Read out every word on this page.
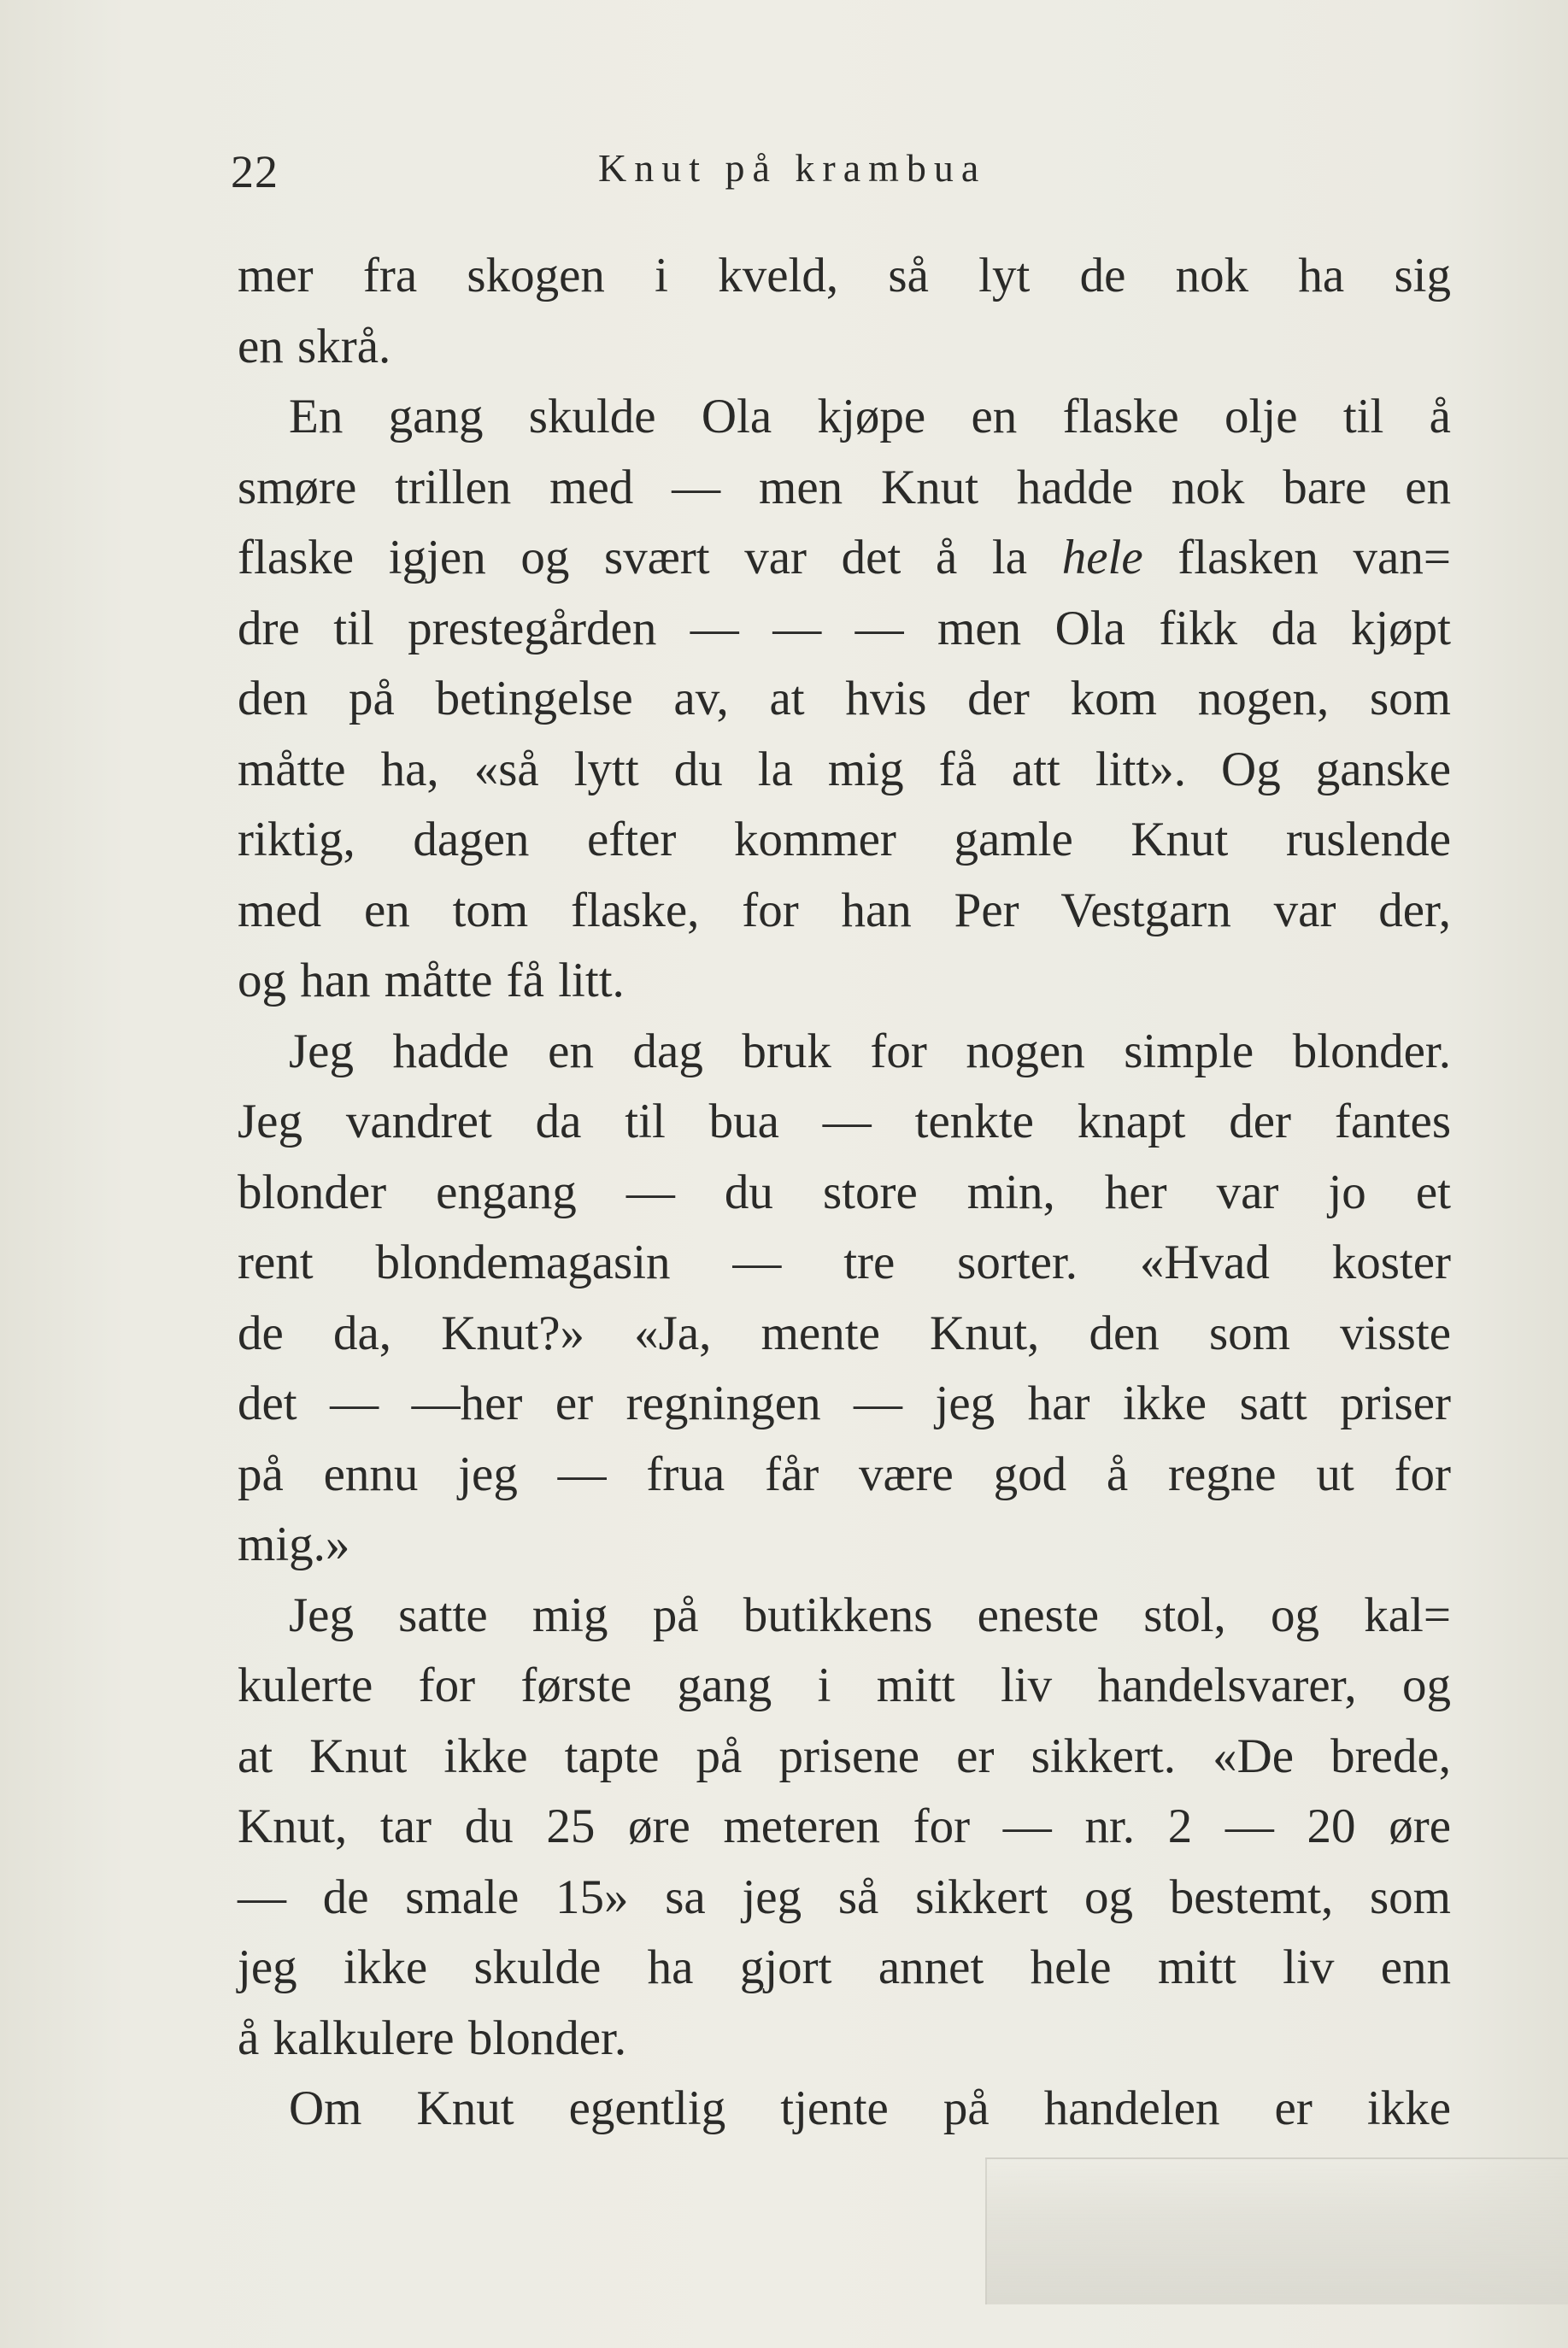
22	Knut på krambua
mer fra skogen i kveld, så lyt de nok ha sig
en skrå.
En gang skulde Ola kjøpe en flaske olje til å
smøre trillen med — men Knut hadde nok bare en
flaske igjen og svært var det å la hele flasken van=
dre til prestegården — — — men Ola fikk da kjøpt
den på betingelse av, at hvis der kom nogen, som
måtte ha, «så lytt du la mig få att litt». Og ganske
riktig, dagen efter kommer gamle Knut ruslende
med en tom flaske, for han Per Vestgarn var der,
og han måtte få litt.
Jeg hadde en dag bruk for nogen simple blonder.
Jeg vandret da til bua — tenkte knapt der fantes
blonder engang — du store min, her var jo et
rent blondemagasin — tre sorter. «Hvad koster
de da, Knut?» «Ja, mente Knut, den som visste
det — —her er regningen — jeg har ikke satt priser
på ennu jeg — frua får være god å regne ut for
mig.»
Jeg satte mig på butikkens eneste stol, og kal=
kulerte for første gang i mitt liv handelsvarer, og
at Knut ikke tapte på prisene er sikkert. «De brede,
Knut, tar du 25 øre meteren for — nr. 2 — 20 øre
— de smale 15» sa jeg så sikkert og bestemt, som
jeg ikke skulde ha gjort annet hele mitt liv enn
å kalkulere blonder.
Om Knut egentlig tjente på handelen er ikke
